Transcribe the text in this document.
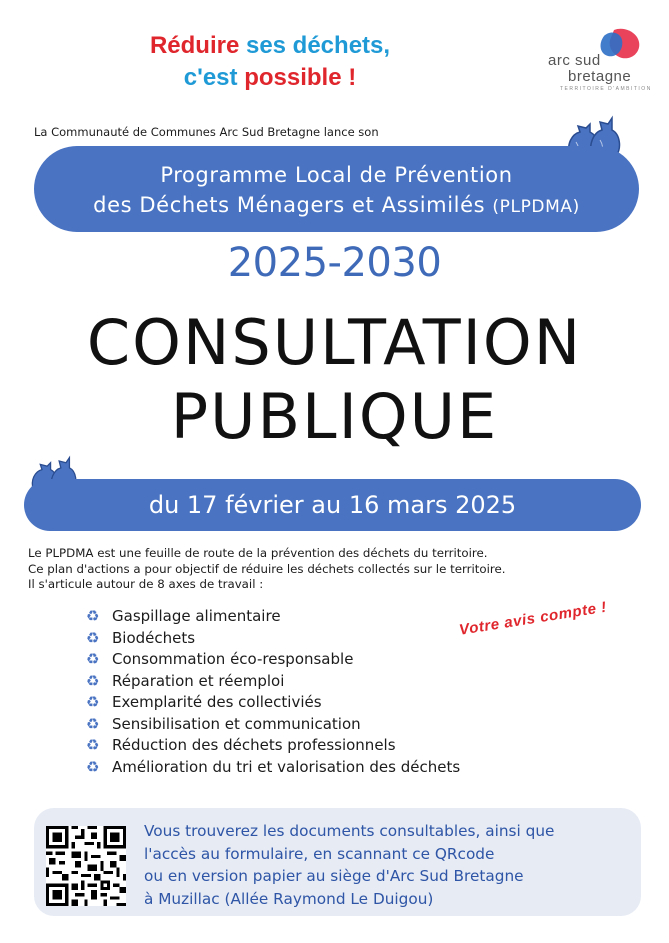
Réduire ses déchets,
c'est possible !
arc sud
bretagne
TERRITOIRE D'AMBITION
La Communauté de Communes Arc Sud Bretagne lance son
Programme Local de Prévention
des Déchets Ménagers et Assimilés (PLPDMA)
2025-2030
CONSULTATION
PUBLIQUE
du 17 février au 16 mars 2025
Le PLPDMA est une feuille de route de la prévention des déchets du territoire.
Ce plan d'actions a pour objectif de réduire les déchets collectés sur le territoire.
Il s'articule autour de 8 axes de travail :
♻ Gaspillage alimentaire
♻ Biodéchets
♻ Consommation éco-responsable
♻ Réparation et réemploi
♻ Exemplarité des collectiviés
♻ Sensibilisation et communication
♻ Réduction des déchets professionnels
♻ Amélioration du tri et valorisation des déchets
Votre avis compte !
Vous trouverez les documents consultables, ainsi que
l'accès au formulaire, en scannant ce QRcode
ou en version papier au siège d'Arc Sud Bretagne
à Muzillac (Allée Raymond Le Duigou)
